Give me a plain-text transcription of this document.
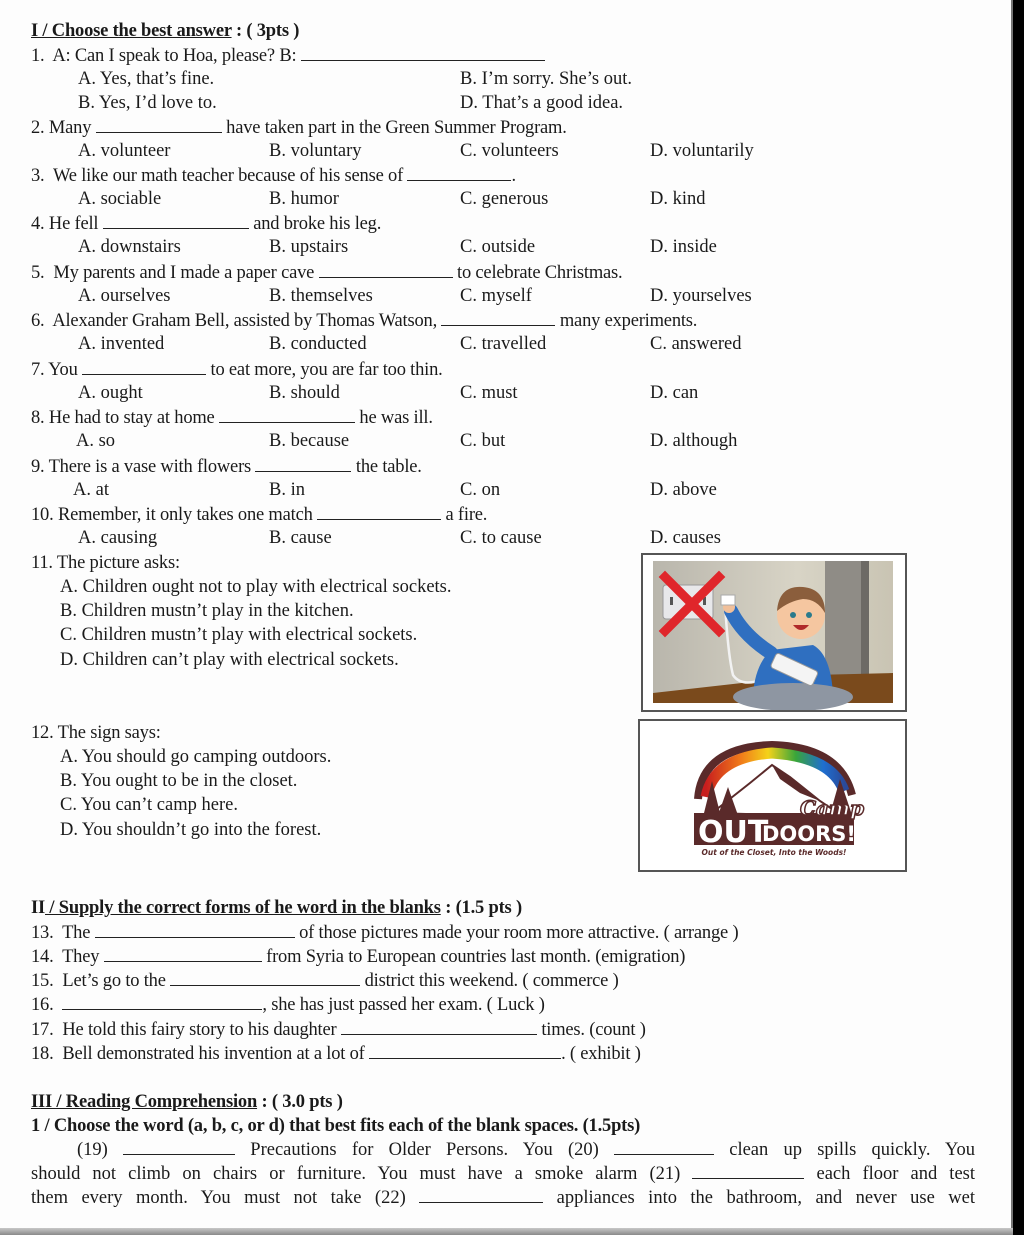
I / Choose the best answer : ( 3pts )
1. A: Can I speak to Hoa, please? B:
A. Yes, that’s fine.	B. I’m sorry. She’s out.
B. Yes, I’d love to.	D. That’s a good idea.
2. Many	have taken part in the Green Summer Program.
A. volunteer	B. voluntary	C. volunteers	D. voluntarily
3. We like our math teacher because of his sense of	.
A. sociable	B. humor	C. generous	D. kind
4. He fell	and broke his leg.
A. downstairs	B. upstairs	C. outside	D. inside
5. My parents and I made a paper cave	to celebrate Christmas.
A. ourselves	B. themselves	C. myself	D. yourselves
6. Alexander Graham Bell, assisted by Thomas Watson,	many experiments.
A. invented	B. conducted	C. travelled	C. answered
7. You	to eat more, you are far too thin.
A. ought	B. should	C. must	D. can
8. He had to stay at home	he was ill.
A. so	B. because	C. but	D. although
9. There is a vase with flowers	the table.
A. at	B. in	C. on	D. above
10. Remember, it only takes one match	a fire.
A. causing	B. cause	C. to cause	D. causes
11. The picture asks:
A. Children ought not to play with electrical sockets.
B. Children mustn’t play in the kitchen.
C. Children mustn’t play with electrical sockets.
D. Children can’t play with electrical sockets.
12. The sign says:
A. You should go camping outdoors.
B. You ought to be in the closet.
C. You can’t camp here.
D. You shouldn’t go into the forest.	OUT
DOORS!
Camp
Out of the Closet, Into the Woods!
II / Supply the correct forms of he word in the blanks : (1.5 pts )
13. The	of those pictures made your room more attractive. ( arrange )
14. They	from Syria to European countries last month. (emigration)
15. Let’s go to the	district this weekend. ( commerce )
16.	, she has just passed her exam. ( Luck )
17. He told this fairy story to his daughter	times. (count )
18. Bell demonstrated his invention at a lot of	. ( exhibit )
III / Reading Comprehension : ( 3.0 pts )
1 / Choose the word (a, b, c, or d) that best fits each of the blank spaces. (1.5pts)
(19)	Precautions for Older Persons. You (20)	clean up spills quickly. You
should not climb on chairs or furniture. You must have a smoke alarm (21)	each floor and test
them every month. You must not take (22)	appliances into the bathroom, and never use wet
